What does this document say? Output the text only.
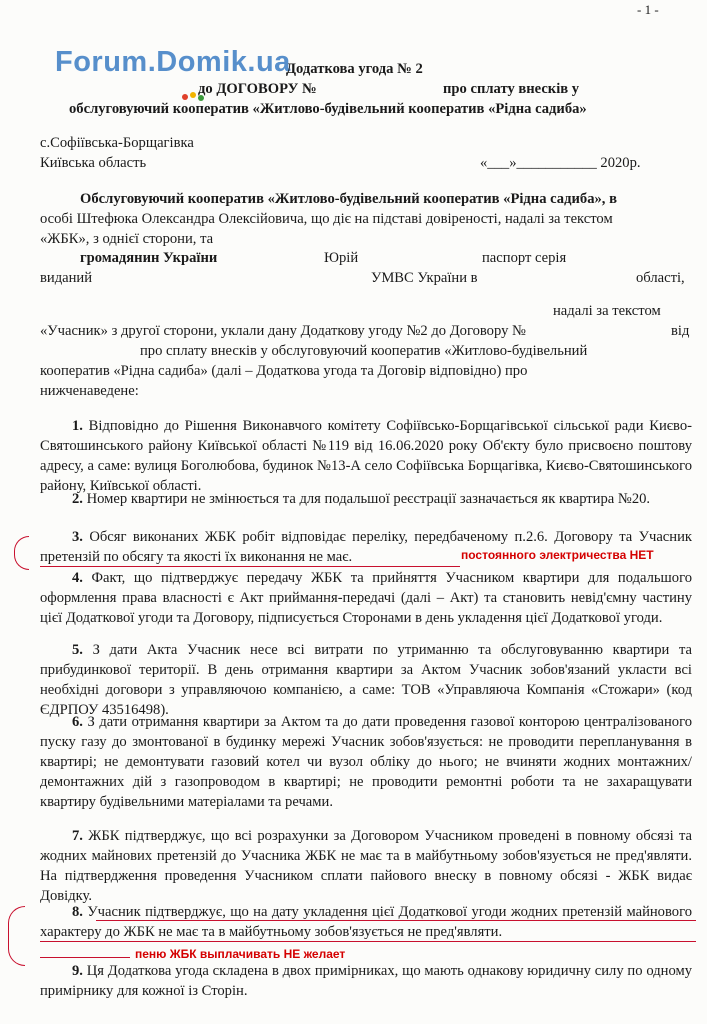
- 1 -
Forum.Domik.ua
Додаткова угода № 2
до ДОГОВОРУ №	про сплату внесків у
обслуговуючий кооператив «Житлово-будівельний кооператив «Рідна садиба»
с.Софіївська-Борщагівка
Київська область	«___»___________ 2020р.
Обслуговуючий кооператив «Житлово-будівельний кооператив «Рідна садиба», в
особі Штефюка Олександра Олексійовича, що діє на підставі довіреності, надалі за текстом
«ЖБК», з однієї сторони, та
громадянин України	Юрій	паспорт серія
виданий	УМВС України в	області,
надалі за текстом
«Учасник» з другої сторони, уклали дану Додаткову угоду №2 до Договору №	від
про сплату внесків у обслуговуючий кооператив «Житлово-будівельний
кооператив «Рідна садиба» (далі – Додаткова угода та Договір відповідно) про
нижченаведене:
1. Відповідно до Рішення Виконавчого комітету Софіївсько-Борщагівської сільської ради Києво-Святошинського району Київської області №119 від 16.06.2020 року Об'єкту було присвоєно поштову адресу, а саме: вулиця Боголюбова, будинок №13-А село Софіївська Борщагівка, Києво-Святошинського району, Київської області.
2. Номер квартири не змінюється та для подальшої реєстрації зазначається як квартира №20.
3. Обсяг виконаних ЖБК робіт відповідає переліку, передбаченому п.2.6. Договору та Учасник претензій по обсягу та якості їх виконання не має.
4. Факт, що підтверджує передачу ЖБК та прийняття Учасником квартири для подальшого оформлення права власності є Акт приймання-передачі (далі – Акт) та становить невід'ємну частину цієї Додаткової угоди та Договору, підписується Сторонами в день укладення цієї Додаткової угоди.
5. З дати Акта Учасник несе всі витрати по утриманню та обслуговуванню квартири та прибудинкової території. В день отримання квартири за Актом Учасник зобов'язаний укласти всі необхідні договори з управляючою компанією, а саме: ТОВ «Управляюча Компанія «Стожари» (код ЄДРПОУ 43516498).
6. З дати отримання квартири за Актом та до дати проведення газової конторою централізованого пуску газу до змонтованої в будинку мережі Учасник зобов'язується: не проводити перепланування в квартирі; не демонтувати газовий котел чи вузол обліку до нього; не вчиняти жодних монтажних/демонтажних дій з газопроводом в квартирі; не проводити ремонтні роботи та не захаращувати квартиру будівельними матеріалами та речами.
7. ЖБК підтверджує, що всі розрахунки за Договором Учасником проведені в повному обсязі та жодних майнових претензій до Учасника ЖБК не має та в майбутньому зобов'язується не пред'являти. На підтвердження проведення Учасником сплати пайового внеску в повному обсязі - ЖБК видає Довідку.
8. Учасник підтверджує, що на дату укладення цієї Додаткової угоди жодних претензій майнового характеру до ЖБК не має та в майбутньому зобов'язується не пред'являти.
9. Ця Додаткова угода складена в двох примірниках, що мають однакову юридичну силу по одному примірнику для кожної із Сторін.
постоянного электричества НЕТ
пеню ЖБК выплачивать НЕ желает
